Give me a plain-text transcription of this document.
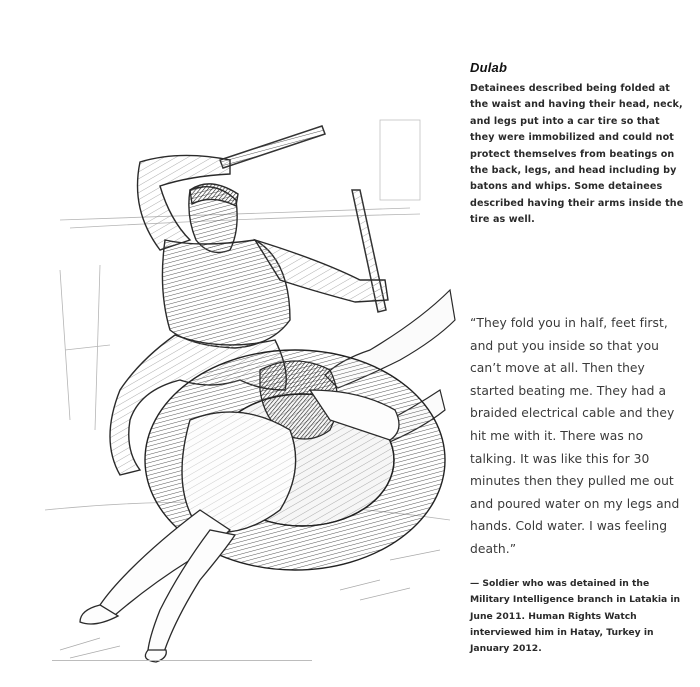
Dulab

Detainees described being folded at the waist and having their head, neck, and legs put into a car tire so that they were immobilized and could not protect themselves from beatings on the back, legs, and head including by batons and whips. Some detainees described having their arms inside the tire as well.

“They fold you in half, feet first, and put you inside so that you can’t move at all. Then they started beating me. They had a braided electrical cable and they hit me with it. There was no talking. It was like this for 30 minutes then they pulled me out and poured water on my legs and hands. Cold water. I was feeling death.”

— Soldier who was detained in the Military Intelligence branch in Latakia in June 2011. Human Rights Watch interviewed him in Hatay, Turkey in January 2012.
